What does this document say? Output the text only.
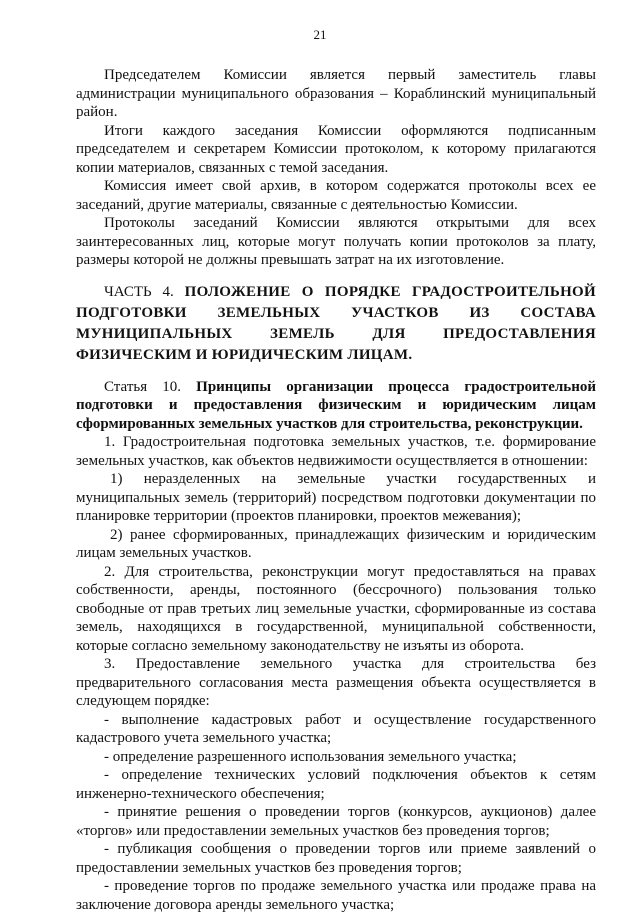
21

Председателем Комиссии является первый заместитель главы администрации муниципального образования – Кораблинский муниципальный район.

Итоги каждого заседания Комиссии оформляются подписанным председателем и секретарем Комиссии протоколом, к которому прилагаются копии материалов, связанных с темой заседания.

Комиссия имеет свой архив, в котором содержатся протоколы всех ее заседаний, другие материалы, связанные с деятельностью Комиссии.

Протоколы заседаний Комиссии являются открытыми для всех заинтересованных лиц, которые могут получать копии протоколов за плату, размеры которой не должны превышать затрат на их изготовление.

ЧАСТЬ 4. ПОЛОЖЕНИЕ О ПОРЯДКЕ ГРАДОСТРОИТЕЛЬНОЙ ПОДГОТОВКИ ЗЕМЕЛЬНЫХ УЧАСТКОВ ИЗ СОСТАВА МУНИЦИПАЛЬНЫХ ЗЕМЕЛЬ ДЛЯ ПРЕДОСТАВЛЕНИЯ ФИЗИЧЕСКИМ И ЮРИДИЧЕСКИМ ЛИЦАМ.

Статья 10. Принципы организации процесса градостроительной подготовки и предоставления физическим и юридическим лицам сформированных земельных участков для строительства, реконструкции.

1. Градостроительная подготовка земельных участков, т.е. формирование земельных участков, как объектов недвижимости осуществляется в отношении:

1) неразделенных на земельные участки государственных и муниципальных земель (территорий) посредством подготовки документации по планировке территории (проектов планировки, проектов межевания);

2) ранее сформированных, принадлежащих физическим и юридическим лицам земельных участков.

2. Для строительства, реконструкции могут предоставляться на правах собственности, аренды, постоянного (бессрочного) пользования только свободные от прав третьих лиц земельные участки, сформированные из состава земель, находящихся в государственной, муниципальной собственности, которые согласно земельному законодательству не изъяты из оборота.

3. Предоставление земельного участка для строительства без предварительного согласования места размещения объекта осуществляется в следующем порядке:

- выполнение кадастровых работ и осуществление государственного кадастрового учета земельного участка;

- определение разрешенного использования земельного участка;

- определение технических условий подключения объектов к сетям инженерно-технического обеспечения;

- принятие решения о проведении торгов (конкурсов, аукционов) далее «торгов» или предоставлении земельных участков без проведения торгов;

- публикация сообщения о проведении торгов или приеме заявлений о предоставлении земельных участков без проведения торгов;

- проведение торгов по продаже земельного участка или продаже права на заключение договора аренды земельного участка;
